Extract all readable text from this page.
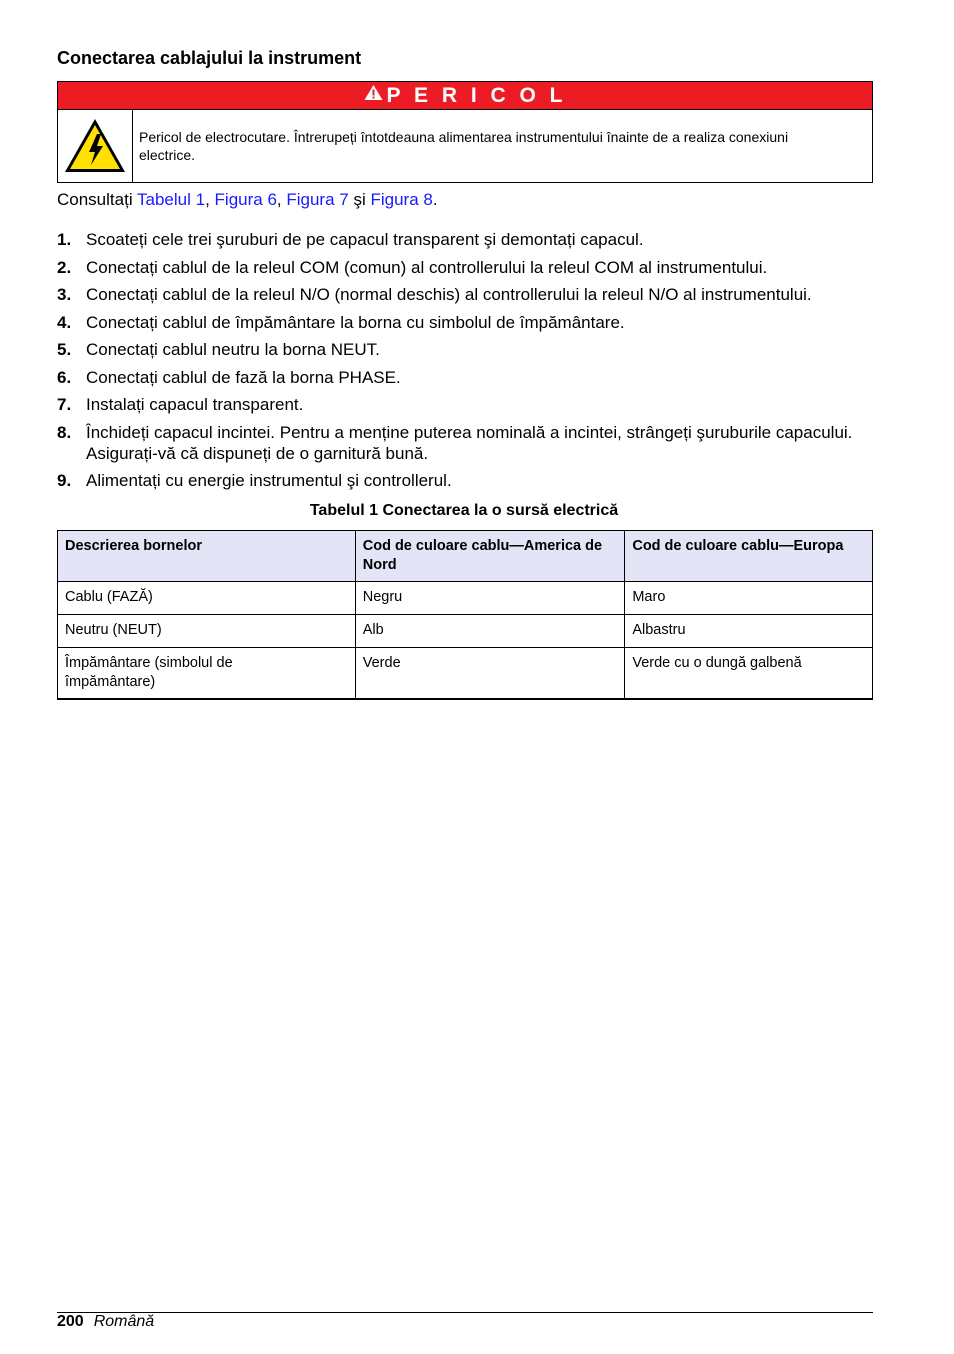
Conectarea cablajului la instrument
P E R I C O L
Pericol de electrocutare. Întrerupeți întotdeauna alimentarea instrumentului înainte de a realiza conexiuni electrice.
Consultați Tabelul 1, Figura 6, Figura 7 şi Figura 8.
1. Scoateți cele trei şuruburi de pe capacul transparent şi demontați capacul.
2. Conectați cablul de la releul COM (comun) al controllerului la releul COM al instrumentului.
3. Conectați cablul de la releul N/O (normal deschis) al controllerului la releul N/O al instrumentului.
4. Conectați cablul de împământare la borna cu simbolul de împământare.
5. Conectați cablul neutru la borna NEUT.
6. Conectați cablul de fază la borna PHASE.
7. Instalați capacul transparent.
8. Închideți capacul incintei. Pentru a menține puterea nominală a incintei, strângeți şuruburile capacului. Asigurați-vă că dispuneți de o garnitură bună.
9. Alimentați cu energie instrumentul şi controllerul.
Tabelul 1 Conectarea la o sursă electrică
Descrierea bornelor	Cod de culoare cablu—America de Nord	Cod de culoare cablu—Europa
Cablu (FAZĂ)	Negru	Maro
Neutru (NEUT)	Alb	Albastru
Împământare (simbolul de împământare)	Verde	Verde cu o dungă galbenă
200 Română
